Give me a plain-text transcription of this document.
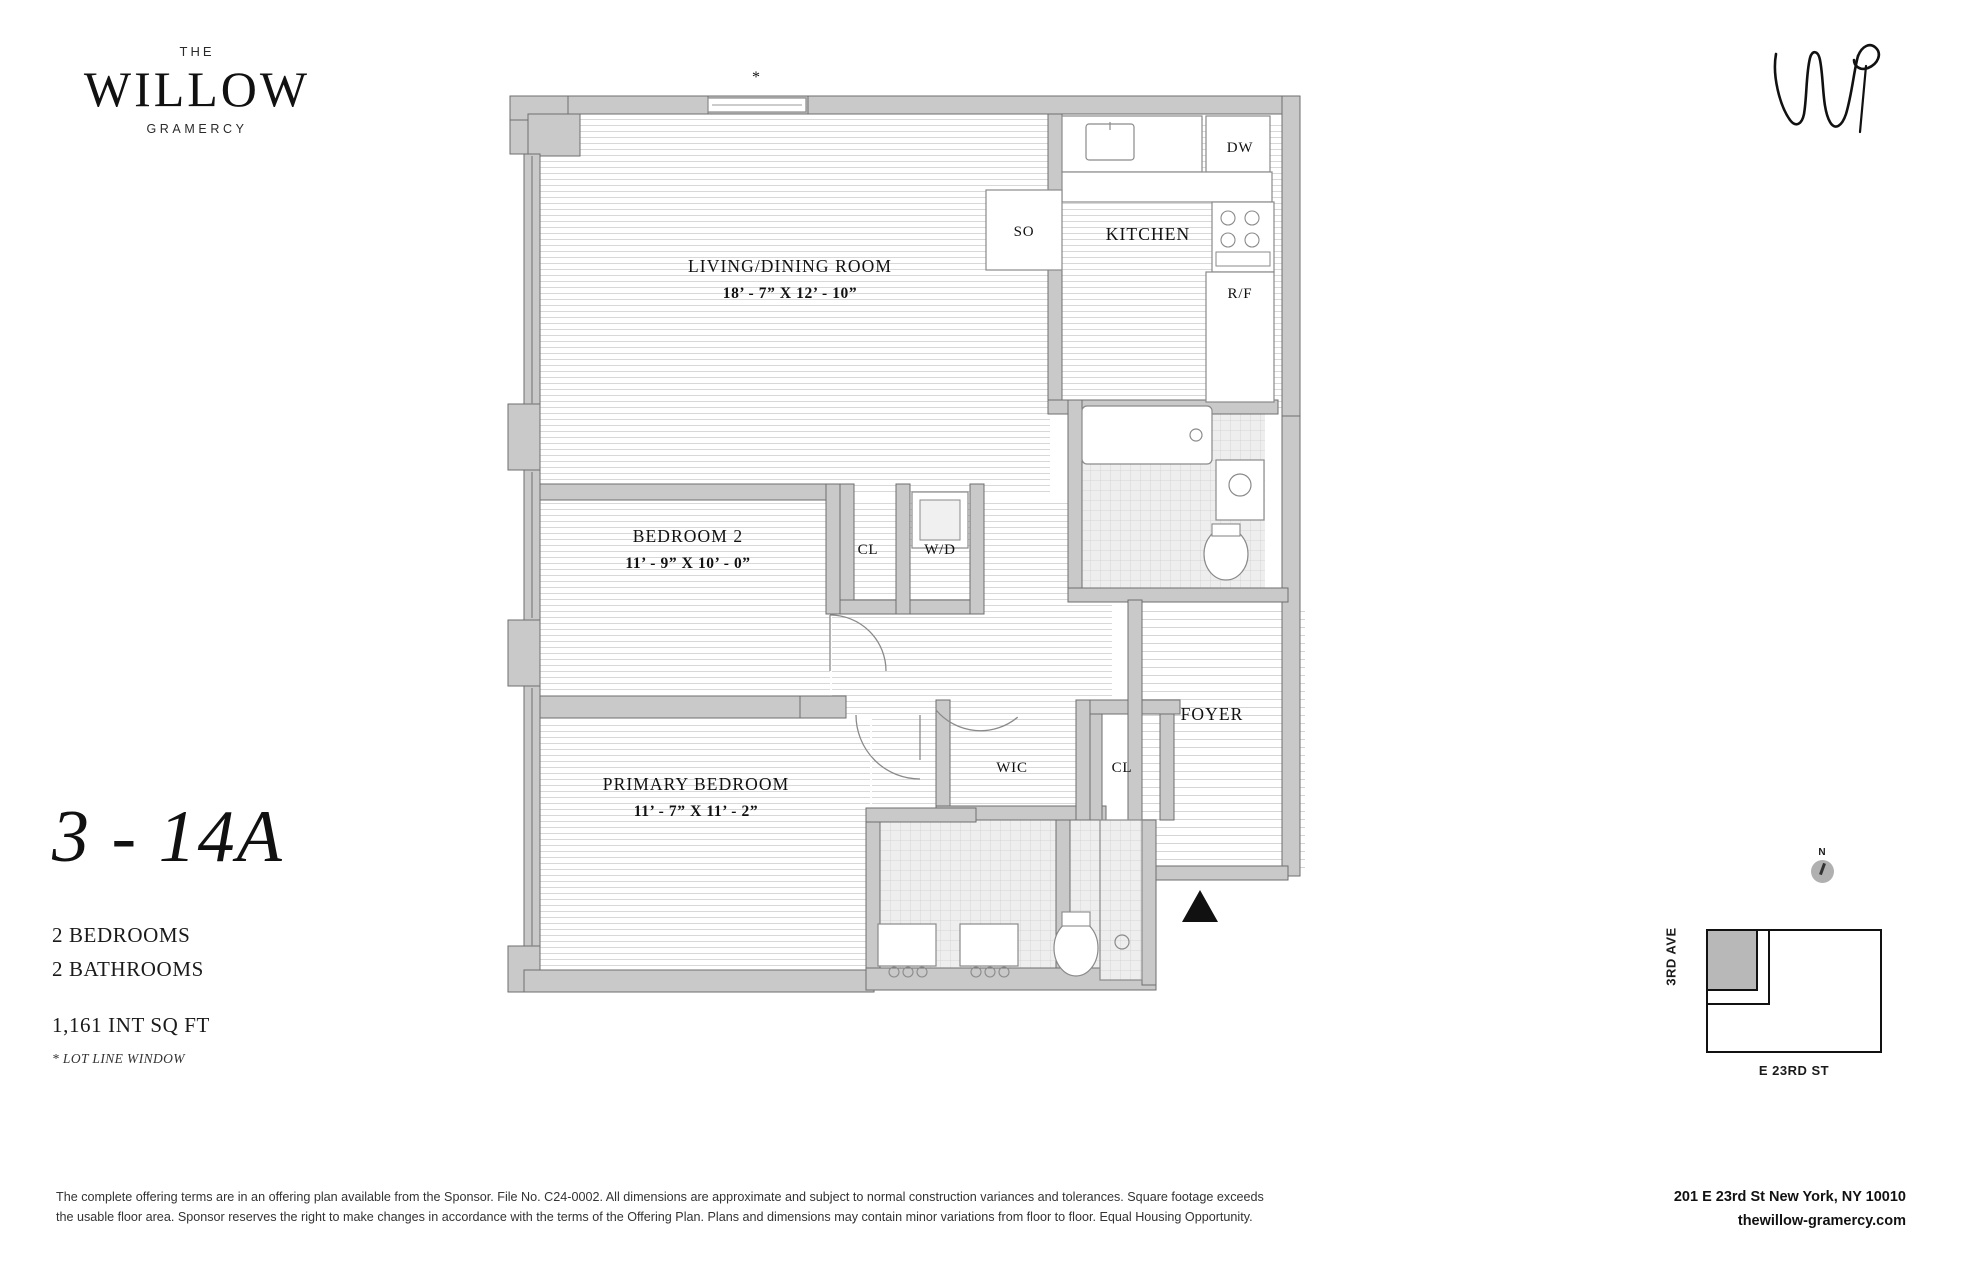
THE
WILLOW
GRAMERCY
3 - 14A
2 BEDROOMS
2 BATHROOMS
1,161 INT SQ FT
* LOT LINE WINDOW
*
DW
SO
R/F
KITCHEN
CL	W/D
CL
WIC
FOYER
LIVING/DINING ROOM
18’ - 7” X 12’ - 10”
BEDROOM 2
11’ - 9” X 10’ - 0”
PRIMARY BEDROOM
11’ - 7” X 11’ - 2”
N
3RD AVE
E 23RD ST
The complete offering terms are in an offering plan available from the Sponsor. File No. C24-0002. All dimensions are approximate and subject to normal construction variances and tolerances. Square footage exceeds
the usable floor area. Sponsor reserves the right to make changes in accordance with the terms of the Offering Plan. Plans and dimensions may contain minor variations from floor to floor. Equal Housing Opportunity.
201 E 23rd St New York, NY 10010
thewillow-gramercy.com
